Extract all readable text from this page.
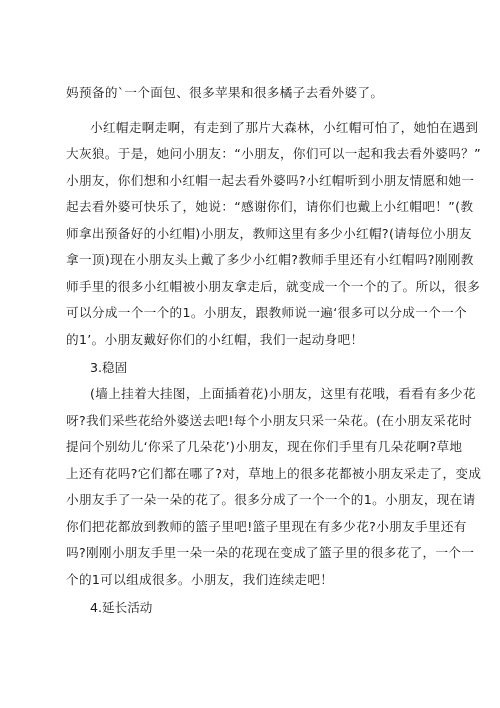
妈预备的`一个面包、很多苹果和很多橘子去看外婆了。
小红帽走啊走啊，有走到了那片大森林，小红帽可怕了，她怕在遇到
大灰狼。于是，她问小朋友：“小朋友，你们可以一起和我去看外婆吗？”
小朋友，你们想和小红帽一起去看外婆吗?小红帽听到小朋友情愿和她一
起去看外婆可快乐了，她说：“感谢你们，请你们也戴上小红帽吧！”(教
师拿出预备好的小红帽)小朋友，教师这里有多少小红帽?(请每位小朋友
拿一顶)现在小朋友头上戴了多少小红帽?教师手里还有小红帽吗?刚刚教
师手里的很多小红帽被小朋友拿走后，就变成一个一个的了。所以，很多
可以分成一个一个的1。小朋友，跟教师说一遍‘很多可以分成一个一个
的1’。小朋友戴好你们的小红帽，我们一起动身吧！
3.稳固
(墙上挂着大挂图，上面插着花)小朋友，这里有花哦，看看有多少花
呀?我们采些花给外婆送去吧!每个小朋友只采一朵花。(在小朋友采花时
提问个别幼儿‘你采了几朵花’)小朋友，现在你们手里有几朵花啊?草地
上还有花吗?它们都在哪了?对，草地上的很多花都被小朋友采走了，变成
小朋友手了一朵一朵的花了。很多分成了一个一个的1。小朋友，现在请
你们把花都放到教师的篮子里吧!篮子里现在有多少花?小朋友手里还有
吗?刚刚小朋友手里一朵一朵的花现在变成了篮子里的很多花了，一个一
个的1可以组成很多。小朋友，我们连续走吧！
4.延长活动
